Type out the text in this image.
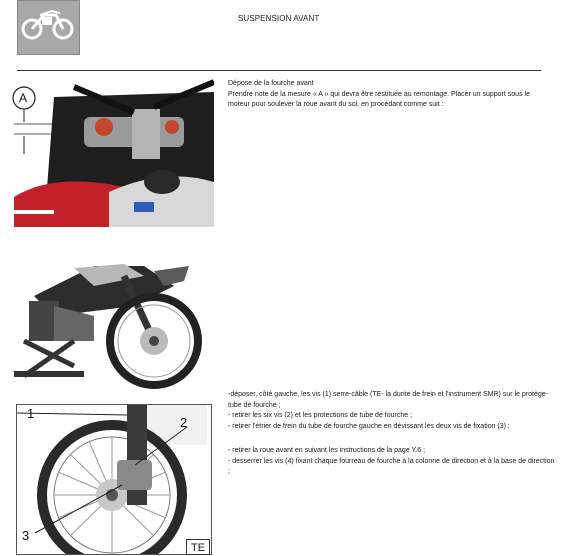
SUSPENSION AVANT
A
Dépose de la fourche avant
Prendre note de la mesure « A » qui devra être restituée au remontage. Placer un support sous le moteur pour soulever la roue avant du sol, en procédant comme suit :
-déposer, côté gauche, les vis (1) serre-câble (TE- la durite de frein et l'instrument SMR) sur le protège-tube de fourche ;
- retirer les six vis (2) et les protections de tube de fourche ;
- retirer l'étrier de frein du tube de fourche gauche en dévissant les deux vis de fixation (3) ;
- retirer la roue avant en suivant les instructions de la page Y.6 ;
- desserrer les vis (4) fixant chaque fourreau de fourche à la colonne de direction et à la base de direction ;
1
2
3
TE
